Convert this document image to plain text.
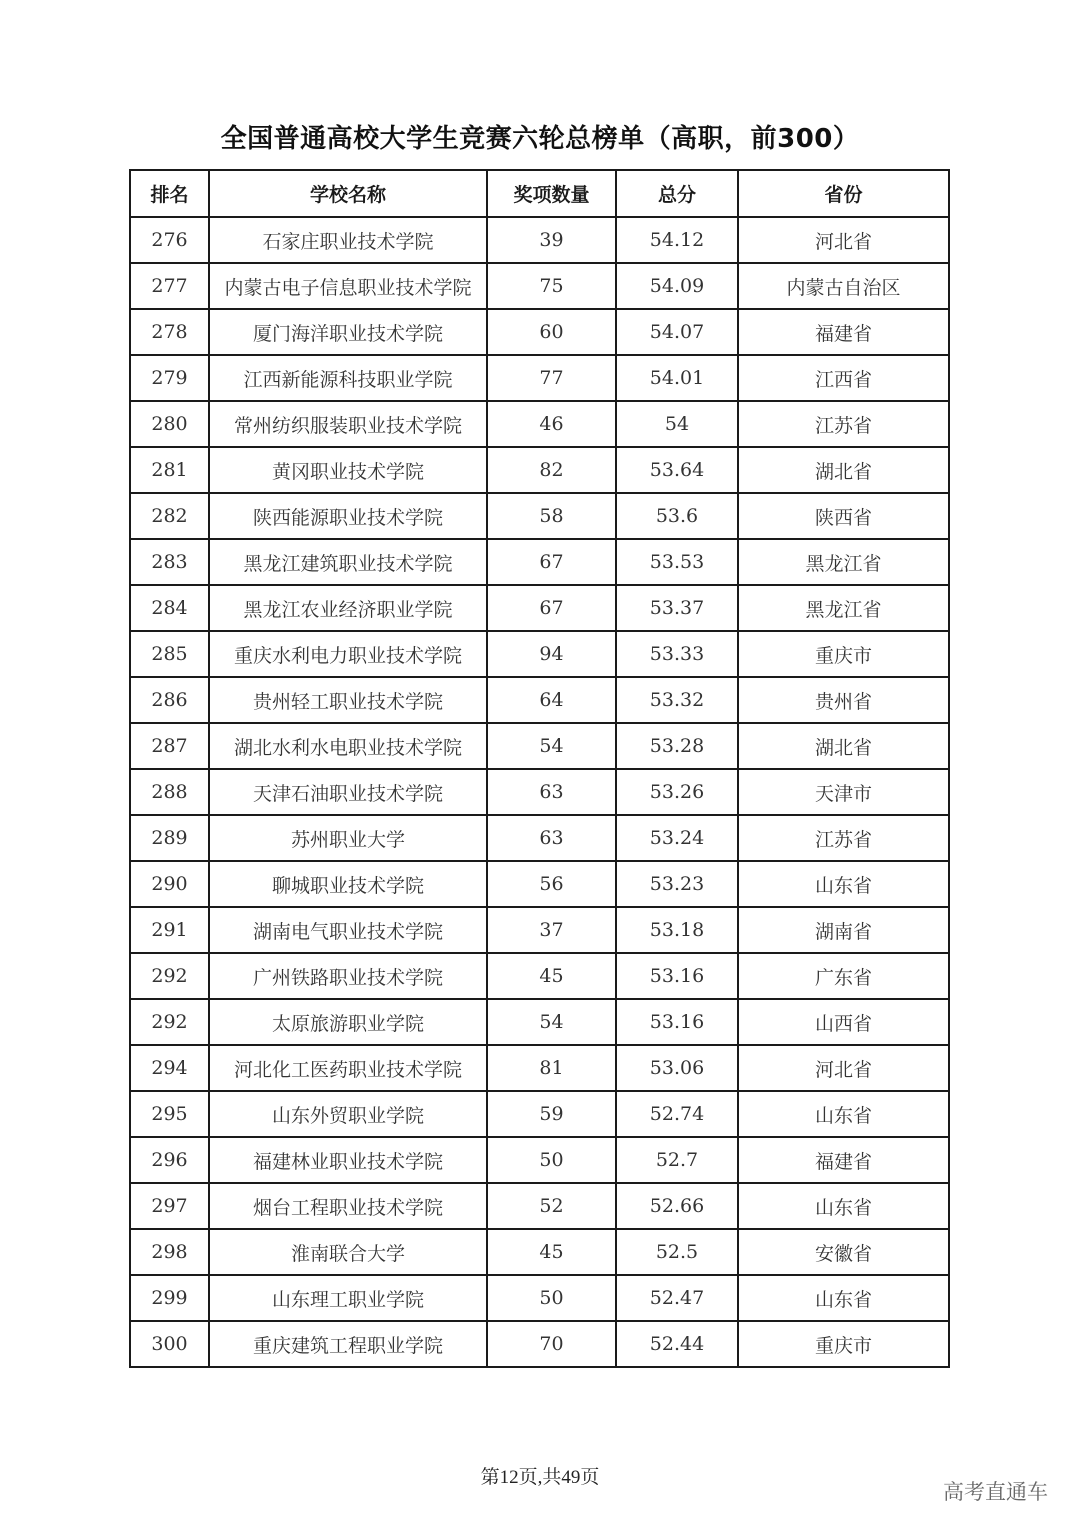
全国普通高校大学生竞赛六轮总榜单（高职，前300）
排名	学校名称	奖项数量	总分	省份
276	石家庄职业技术学院	39	54.12	河北省
277	内蒙古电子信息职业技术学院	75	54.09	内蒙古自治区
278	厦门海洋职业技术学院	60	54.07	福建省
279	江西新能源科技职业学院	77	54.01	江西省
280	常州纺织服装职业技术学院	46	54	江苏省
281	黄冈职业技术学院	82	53.64	湖北省
282	陕西能源职业技术学院	58	53.6	陕西省
283	黑龙江建筑职业技术学院	67	53.53	黑龙江省
284	黑龙江农业经济职业学院	67	53.37	黑龙江省
285	重庆水利电力职业技术学院	94	53.33	重庆市
286	贵州轻工职业技术学院	64	53.32	贵州省
287	湖北水利水电职业技术学院	54	53.28	湖北省
288	天津石油职业技术学院	63	53.26	天津市
289	苏州职业大学	63	53.24	江苏省
290	聊城职业技术学院	56	53.23	山东省
291	湖南电气职业技术学院	37	53.18	湖南省
292	广州铁路职业技术学院	45	53.16	广东省
292	太原旅游职业学院	54	53.16	山西省
294	河北化工医药职业技术学院	81	53.06	河北省
295	山东外贸职业学院	59	52.74	山东省
296	福建林业职业技术学院	50	52.7	福建省
297	烟台工程职业技术学院	52	52.66	山东省
298	淮南联合大学	45	52.5	安徽省
299	山东理工职业学院	50	52.47	山东省
300	重庆建筑工程职业学院	70	52.44	重庆市
第12页,共49页
高考直通车
